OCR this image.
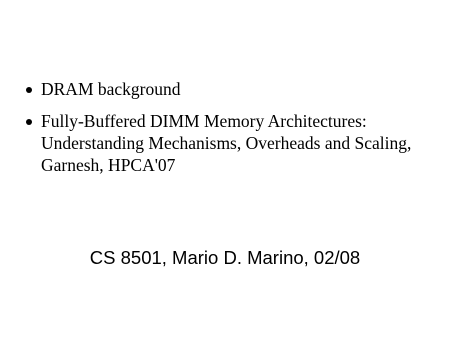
DRAM background
Fully-Buffered DIMM Memory Architectures: Understanding Mechanisms, Overheads and Scaling, Garnesh, HPCA'07
CS 8501, Mario D. Marino, 02/08
